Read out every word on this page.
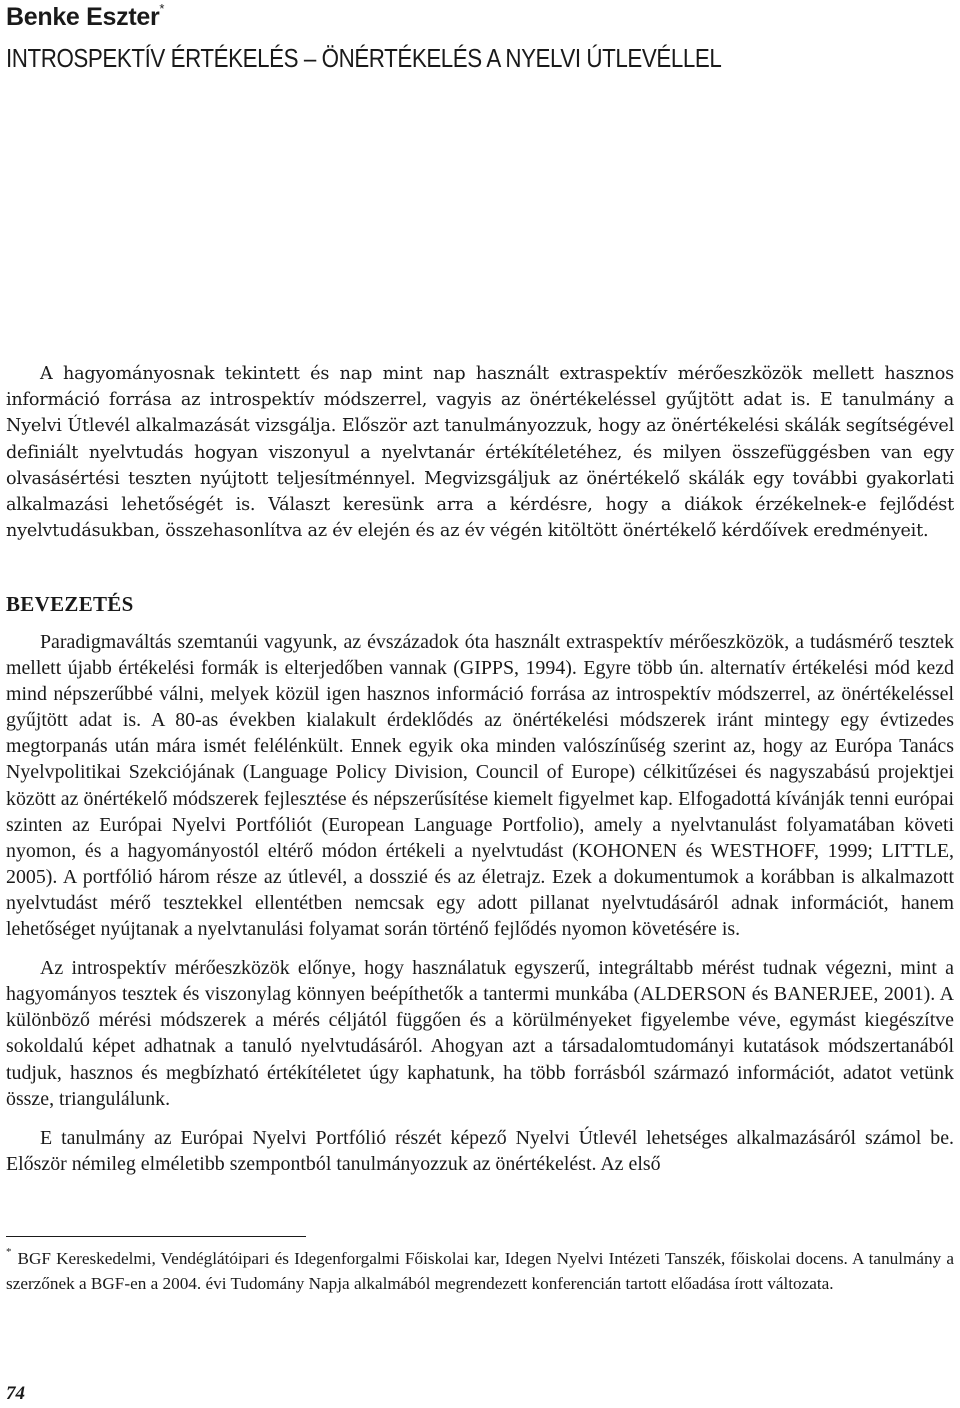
Benke Eszter*
INTROSPEKTÍV ÉRTÉKELÉS – ÖNÉRTÉKELÉS A NYELVI ÚTLEVÉLLEL

A hagyományosnak tekintett és nap mint nap használt extraspektív mérőeszközök mellett hasznos információ forrása az introspektív módszerrel, vagyis az önértékeléssel gyűjtött adat is. E tanulmány a Nyelvi Útlevél alkalmazását vizsgálja. Először azt tanulmányozzuk, hogy az önértékelési skálák segítségével definiált nyelvtudás hogyan viszonyul a nyelvtanár értékítéletéhez, és milyen összefüggésben van egy olvasásértési teszten nyújtott teljesítménnyel. Megvizsgáljuk az önértékelő skálák egy további gyakorlati alkalmazási lehetőségét is. Választ keresünk arra a kérdésre, hogy a diákok érzékelnek-e fejlődést nyelvtudásukban, összehasonlítva az év elején és az év végén kitöltött önértékelő kérdőívek eredményeit.

BEVEZETÉS

Paradigmaváltás szemtanúi vagyunk, az évszázadok óta használt extraspektív mérőeszközök, a tudásmérő tesztek mellett újabb értékelési formák is elterjedőben vannak (GIPPS, 1994). Egyre több ún. alternatív értékelési mód kezd mind népszerűbbé válni, melyek közül igen hasznos információ forrása az introspektív módszerrel, az önértékeléssel gyűjtött adat is. A 80-as években kialakult érdeklődés az önértékelési módszerek iránt mintegy egy évtizedes megtorpanás után mára ismét felélénkült. Ennek egyik oka minden valószínűség szerint az, hogy az Európa Tanács Nyelvpolitikai Szekciójának (Language Policy Division, Council of Europe) célkitűzései és nagyszabású projektjei között az önértékelő módszerek fejlesztése és népszerűsítése kiemelt figyelmet kap. Elfogadottá kívánják tenni európai szinten az Európai Nyelvi Portfóliót (European Language Portfolio), amely a nyelvtanulást folyamatában követi nyomon, és a hagyományostól eltérő módon értékeli a nyelvtudást (KOHONEN és WESTHOFF, 1999; LITTLE, 2005). A portfólió három része az útlevél, a dosszié és az életrajz. Ezek a dokumentumok a korábban is alkalmazott nyelvtudást mérő tesztekkel ellentétben nemcsak egy adott pillanat nyelvtudásáról adnak információt, hanem lehetőséget nyújtanak a nyelvtanulási folyamat során történő fejlődés nyomon követésére is.

Az introspektív mérőeszközök előnye, hogy használatuk egyszerű, integráltabb mérést tudnak végezni, mint a hagyományos tesztek és viszonylag könnyen beépíthetők a tantermi munkába (ALDERSON és BANERJEE, 2001). A különböző mérési módszerek a mérés céljától függően és a körülményeket figyelembe véve, egymást kiegészítve sokoldalú képet adhatnak a tanuló nyelvtudásáról. Ahogyan azt a társadalomtudományi kutatások módszertanából tudjuk, hasznos és megbízható értékítéletet úgy kaphatunk, ha több forrásból származó információt, adatot vetünk össze, triangulálunk.

E tanulmány az Európai Nyelvi Portfólió részét képező Nyelvi Útlevél lehetséges alkalmazásáról számol be. Először némileg elméletibb szempontból tanulmányozzuk az önértékelést. Az első

* BGF Kereskedelmi, Vendéglátóipari és Idegenforgalmi Főiskolai kar, Idegen Nyelvi Intézeti Tanszék, főiskolai docens. A tanulmány a szerzőnek a BGF-en a 2004. évi Tudomány Napja alkalmából megrendezett konferencián tartott előadása írott változata.

74
